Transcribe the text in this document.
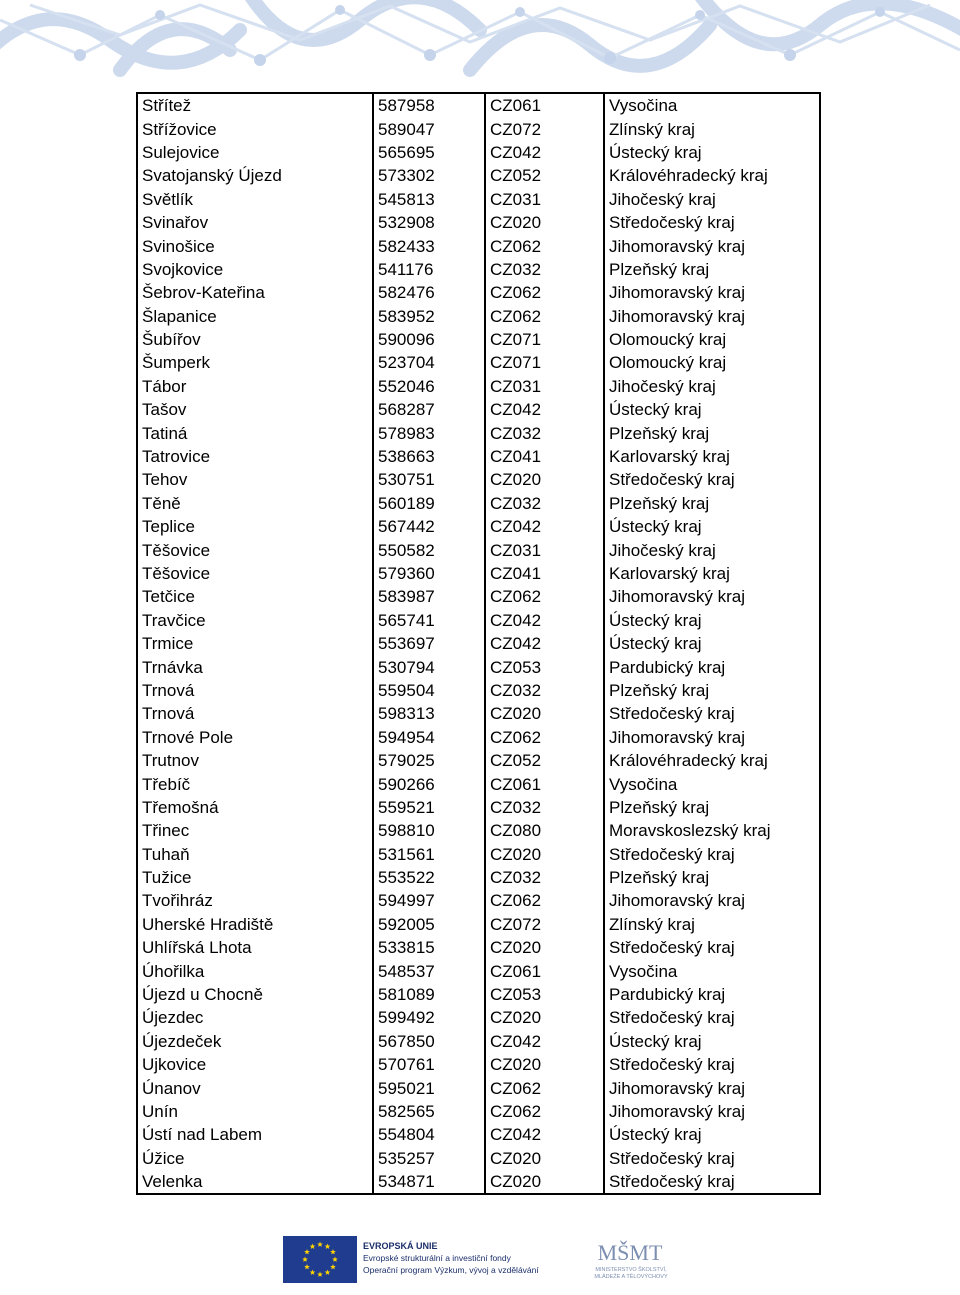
Střítež	587958	CZ061	Vysočina
Střížovice	589047	CZ072	Zlínský kraj
Sulejovice	565695	CZ042	Ústecký kraj
Svatojanský Újezd	573302	CZ052	Královéhradecký kraj
Světlík	545813	CZ031	Jihočeský kraj
Svinařov	532908	CZ020	Středočeský kraj
Svinošice	582433	CZ062	Jihomoravský kraj
Svojkovice	541176	CZ032	Plzeňský kraj
Šebrov-Kateřina	582476	CZ062	Jihomoravský kraj
Šlapanice	583952	CZ062	Jihomoravský kraj
Šubířov	590096	CZ071	Olomoucký kraj
Šumperk	523704	CZ071	Olomoucký kraj
Tábor	552046	CZ031	Jihočeský kraj
Tašov	568287	CZ042	Ústecký kraj
Tatiná	578983	CZ032	Plzeňský kraj
Tatrovice	538663	CZ041	Karlovarský kraj
Tehov	530751	CZ020	Středočeský kraj
Těně	560189	CZ032	Plzeňský kraj
Teplice	567442	CZ042	Ústecký kraj
Těšovice	550582	CZ031	Jihočeský kraj
Těšovice	579360	CZ041	Karlovarský kraj
Tetčice	583987	CZ062	Jihomoravský kraj
Travčice	565741	CZ042	Ústecký kraj
Trmice	553697	CZ042	Ústecký kraj
Trnávka	530794	CZ053	Pardubický kraj
Trnová	559504	CZ032	Plzeňský kraj
Trnová	598313	CZ020	Středočeský kraj
Trnové Pole	594954	CZ062	Jihomoravský kraj
Trutnov	579025	CZ052	Královéhradecký kraj
Třebíč	590266	CZ061	Vysočina
Třemošná	559521	CZ032	Plzeňský kraj
Třinec	598810	CZ080	Moravskoslezský kraj
Tuhaň	531561	CZ020	Středočeský kraj
Tužice	553522	CZ032	Plzeňský kraj
Tvořihráz	594997	CZ062	Jihomoravský kraj
Uherské Hradiště	592005	CZ072	Zlínský kraj
Uhlířská Lhota	533815	CZ020	Středočeský kraj
Úhořilka	548537	CZ061	Vysočina
Újezd u Chocně	581089	CZ053	Pardubický kraj
Újezdec	599492	CZ020	Středočeský kraj
Újezdeček	567850	CZ042	Ústecký kraj
Ujkovice	570761	CZ020	Středočeský kraj
Únanov	595021	CZ062	Jihomoravský kraj
Unín	582565	CZ062	Jihomoravský kraj
Ústí nad Labem	554804	CZ042	Ústecký kraj
Úžice	535257	CZ020	Středočeský kraj
Velenka	534871	CZ020	Středočeský kraj
EVROPSKÁ UNIE
Evropské strukturální a investiční fondy
Operační program Výzkum, vývoj a vzdělávání
MŠMT
MINISTERSTVO ŠKOLSTVÍ,
MLÁDEŽE A TĚLOVÝCHOVY
